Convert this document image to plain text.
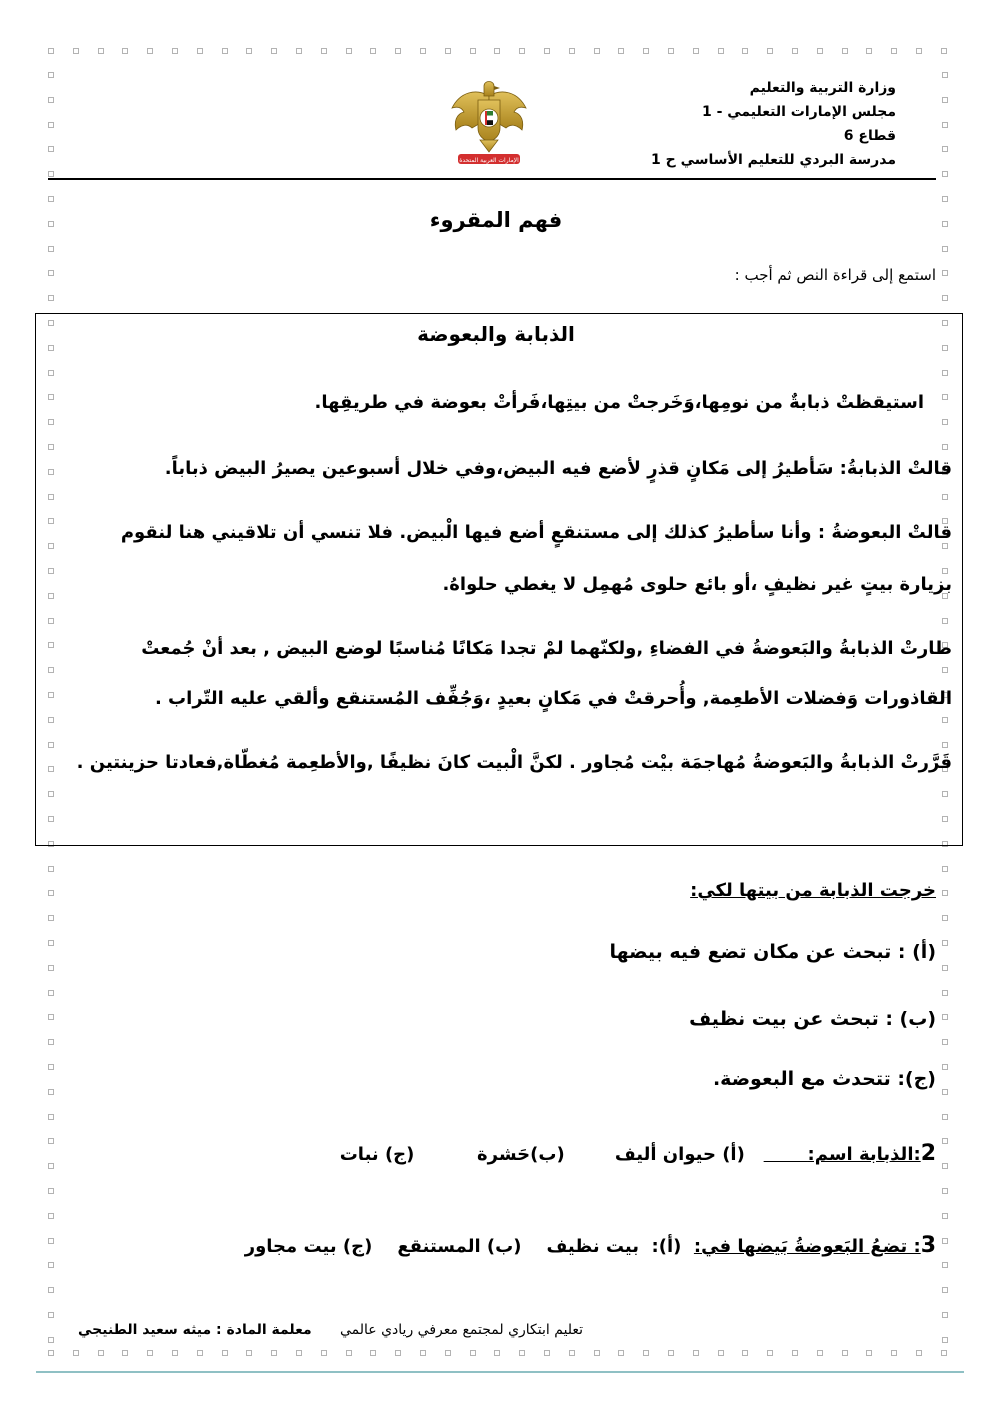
وزارة التربية والتعليم
مجلس الإمارات التعليمي - 1
قطاع 6
مدرسة البردي للتعليم الأساسي ح 1
الإمارات العربية المتحدة
فهم المقروء
استمع إلى قراءة النص ثم أجب :
الذبابة والبعوضة
استيقظتْ ذبابةٌ من نومِها،وَخَرجتْ من بيتِها،فَرأتْ بعوضة في طريقِها.
قالتْ الذبابةُ: سَأطيرُ إلى مَكانٍ قذرٍ لأضع فيه البيض،وفي خلال أسبوعين يصيرُ البيض ذباباً.
قالتْ البعوضةُ : وأنا سأطيرُ كذلك إلى مستنقعٍ أضع فيها الْبيض. فلا تنسي أن تلاقيني هنا لنقوم
بزيارة بيتٍ غير نظيفٍ ،أو بائع حلوى مُهمِل لا يغطي حلواهُ.
طارتْ الذبابةُ والبَعوضةُ في الفضاءِ ,ولكنّهما لمْ تجدا مَكانًا مُناسبًا لوضع البيض , بعد أنْ جُمعتْ
القاذورات وَفضلات الأطعِمة, وأُحرقتْ في مَكانٍ بعيدٍ ،وَجُفِّف المُستنقع وألقي عليه التّراب .
قَرَّرتْ الذبابةُ والبَعوضةُ مُهاجمَة بيْت مُجاور . لكنَّ الْبيت كانَ نظيفًا ,والأطعِمة مُغطّاة,فعادتا حزينتين .
خرجت الذبابة من بيتها لكي:
(أ) : تبحث عن مكان تضع فيه بيضها
(ب) : تبحث عن بيت نظيف
(ج): تتحدث مع البعوضة.
2:الذبابة اسم:          (أ) حيوان أليف        (ب)حَشرة          (ج) نبات
3: تضعُ البَعوضةُ بَيضها في:  (أ):  بيت نظيف    (ب) المستنقع    (ج) بيت مجاور
تعليم ابتكاري لمجتمع معرفي ريادي عالمي
معلمة المادة : ميثه سعيد الطنيجي
